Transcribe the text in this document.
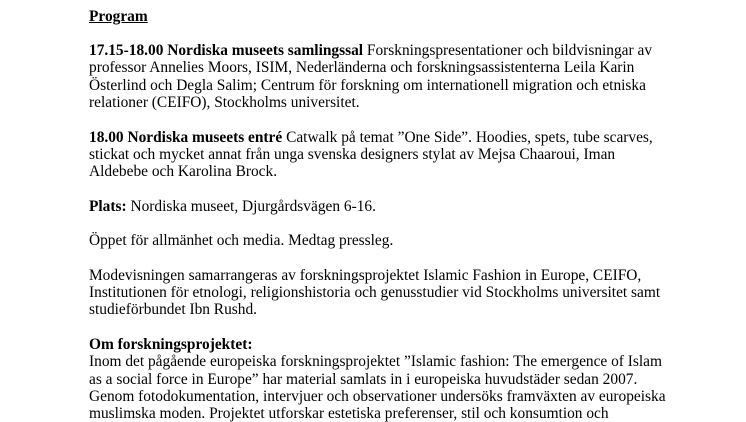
Program

17.15-18.00 Nordiska museets samlingssal Forskningspresentationer och bildvisningar av
professor Annelies Moors, ISIM, Nederländerna och forskningsassistenterna Leila Karin
Österlind och Degla Salim; Centrum för forskning om internationell migration och etniska
relationer (CEIFO), Stockholms universitet.

18.00 Nordiska museets entré Catwalk på temat ”One Side”. Hoodies, spets, tube scarves,
stickat och mycket annat från unga svenska designers stylat av Mejsa Chaaroui, Iman
Aldebebe och Karolina Brock.

Plats: Nordiska museet, Djurgårdsvägen 6-16.

Öppet för allmänhet och media. Medtag pressleg.

Modevisningen samarrangeras av forskningsprojektet Islamic Fashion in Europe, CEIFO,
Institutionen för etnologi, religionshistoria och genusstudier vid Stockholms universitet samt
studieförbundet Ibn Rushd.

Om forskningsprojektet:
Inom det pågående europeiska forskningsprojektet ”Islamic fashion: The emergence of Islam
as a social force in Europe” har material samlats in i europeiska huvudstäder sedan 2007.
Genom fotodokumentation, intervjuer och observationer undersöks framväxten av europeiska
muslimska moden. Projektet utforskar estetiska preferenser, stil och konsumtion och
